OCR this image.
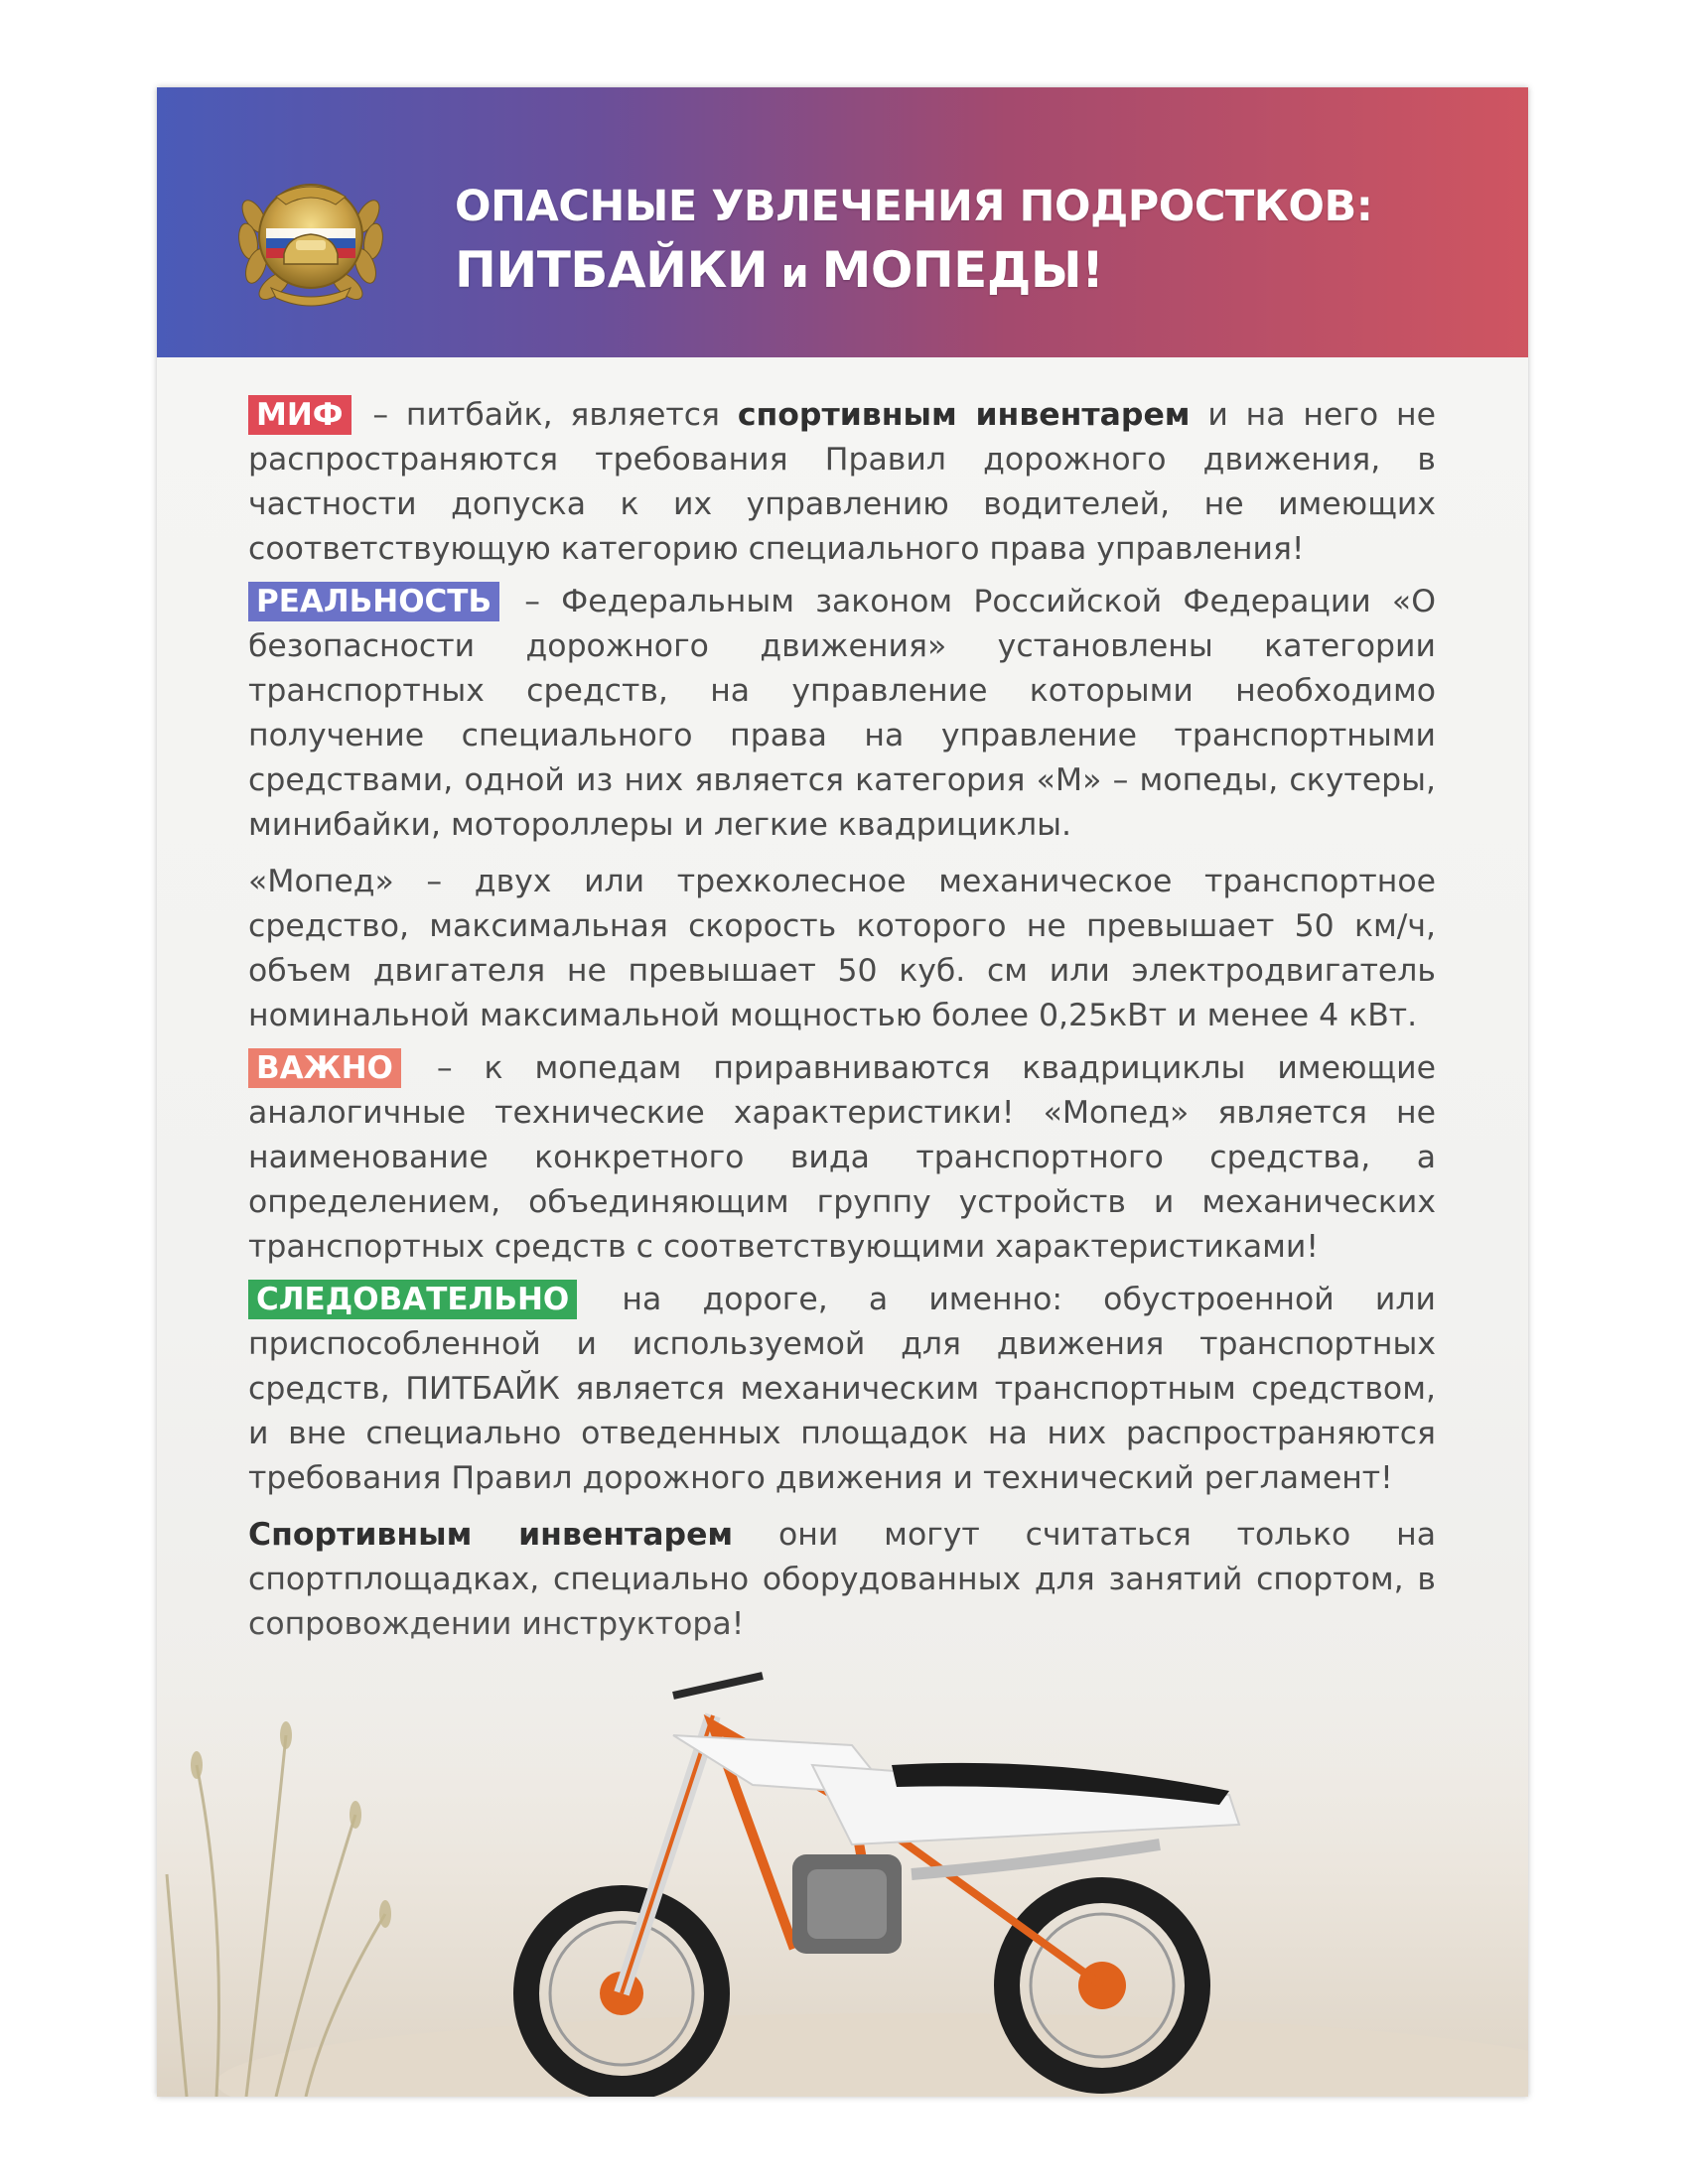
ОПАСНЫЕ УВЛЕЧЕНИЯ ПОДРОСТКОВ:
ПИТБАЙКИ и МОПЕДЫ!

МИФ – питбайк, является спортивным инвентарем и на него не распространяются требования Правил дорожного движения, в частности допуска к их управлению водителей, не имеющих соответствующую категорию специального права управления!

РЕАЛЬНОСТЬ – Федеральным законом Российской Федерации «О безопасности дорожного движения» установлены категории транспортных средств, на управление которыми необходимо получение специального права на управление транспортными средствами, одной из них является категория «М» – мопеды, скутеры, минибайки, мотороллеры и легкие квадрициклы.

«Мопед» – двух или трехколесное механическое транспортное средство, максимальная скорость которого не превышает 50 км/ч, объем двигателя не превышает 50 куб. см или электродвигатель номинальной максимальной мощностью более 0,25кВт и менее 4 кВт.

ВАЖНО – к мопедам приравниваются квадрициклы имеющие аналогичные технические характеристики! «Мопед» является не наименование конкретного вида транспортного средства, а определением, объединяющим группу устройств и механических транспортных средств с соответствующими характеристиками!

СЛЕДОВАТЕЛЬНО на дороге, а именно: обустроенной или приспособленной и используемой для движения транспортных средств, ПИТБАЙК является механическим транспортным средством, и вне специально отведенных площадок на них распространяются требования Правил дорожного движения и технический регламент!

Спортивным инвентарем они могут считаться только на спортплощадках, специально оборудованных для занятий спортом, в
